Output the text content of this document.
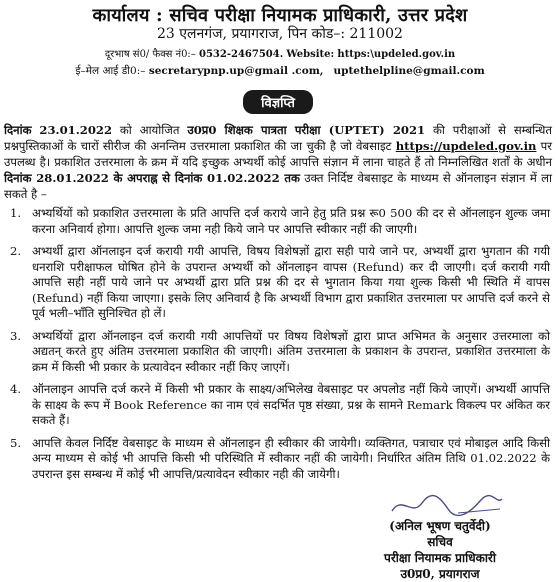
कार्यालय : सचिव परीक्षा नियामक प्राधिकारी, उत्तर प्रदेश
23 एलनगंज, प्रयागराज, पिन कोड–: 211002
दूरभाष सं0/ फैक्स नं0:– 0532-2467504. Website: https:\updeled.gov.in
ई–मेल आई डी0:– secretarypnp.up@gmail .com, uptethelpline@gmail.com
विज्ञप्ति
दिनांक 23.01.2022 को आयोजित उ0प्र0 शिक्षक पात्रता परीक्षा (UPTET) 2021 की परीक्षाओं से सम्बन्धित प्रश्नपुस्तिकाओं के चारों सीरीज की अनन्तिम उत्तरमाला प्रकाशित की जा चुकी है जो वेबसाइट https://updeled.gov.in पर उपलब्ध है। प्रकाशित उत्तरमाला के क्रम में यदि इच्छुक अभ्यर्थी कोई आपत्ति संज्ञान में लाना चाहते हैं तो निम्नलिखित शर्तों के अधीन दिनांक 28.01.2022 के अपराह्न से दिनांक 01.02.2022 तक उक्त निर्दिष्ट वेबसाइट के माध्यम से ऑनलाइन संज्ञान में ला सकते है –
1. अभ्यर्थियों को प्रकाशित उत्तरमाला के प्रति आपत्ति दर्ज कराये जाने हेतु प्रति प्रश्न रू0 500 की दर से ऑनलाइन शुल्क जमा करना अनिवार्य होगा। आपत्ति शुल्क जमा नही किये जाने पर आपत्ति स्वीकार नहीं की जाएगी।
2. अभ्यर्थी द्वारा ऑनलाइन दर्ज करायी गयी आपत्ति, विषय विशेषज्ञों द्वारा सही पाये जाने पर, अभ्यर्थी द्वारा भुगतान की गयी धनराशि परीक्षाफल घोषित होने के उपरान्त अभ्यर्थी को ऑनलाइन वापस (Refund) कर दी जाएगी। दर्ज करायी गयी आपत्ति सही नहीं पाये जाने पर अभ्यर्थी द्वारा प्रति प्रश्न की दर से भुगतान किया गया शुल्क किसी भी स्थिति में वापस (Refund) नहीं किया जाएगा। इसके लिए अनिवार्य है कि अभ्यर्थी विभाग द्वारा प्रकाशित उत्तरमाला पर आपत्ति दर्ज करने से पूर्व भली–भाँति सुनिश्चित हो लें।
3. अभ्यर्थियों द्वारा ऑनलाइन दर्ज करायी गयी आपत्तियों पर विषय विशेषज्ञों द्वारा प्राप्त अभिमत के अनुसार उत्तरमाला को अद्यतन् करते हुए अंतिम उत्तरमाला प्रकाशित की जाएगी। अंतिम उत्तरमाला के प्रकाशन के उपरान्त, प्रकाशित उत्तरमाला के क्रम में किसी भी प्रकार के प्रत्यावेदन स्वीकार नहीं किए जाएगें।
4. ऑनलाइन आपत्ति दर्ज करने में किसी भी प्रकार के साक्ष्य/अभिलेख वेबसाइट पर अपलोड नहीं किये जाएगें। अभ्यर्थी आपत्ति के साक्ष्य के रूप में Book Reference का नाम एवं सदर्भित पृष्ठ संख्या, प्रश्न के सामने Remark विकल्प पर अंकित कर सकते हैं।
5. आपत्ति केवल निर्दिष्ट वेबसाइट के माध्यम से ऑनलाइन ही स्वीकार की जायेगी। व्यक्तिगत, पत्राचार एवं मोबाइल आदि किसी अन्य माध्यम से कोई भी आपत्ति किसी भी परिस्थिति में स्वीकार नहीं की जायेगी। निर्धारित अंतिम तिथि 01.02.2022 के उपरान्त इस सम्बन्ध में कोई भी आपत्ति/प्रत्यावेदन स्वीकार नही की जायेगी।
(अनिल भूषण चतुर्वेदी)
सचिव
परीक्षा नियामक प्राधिकारी
उ0प्र0, प्रयागराज
